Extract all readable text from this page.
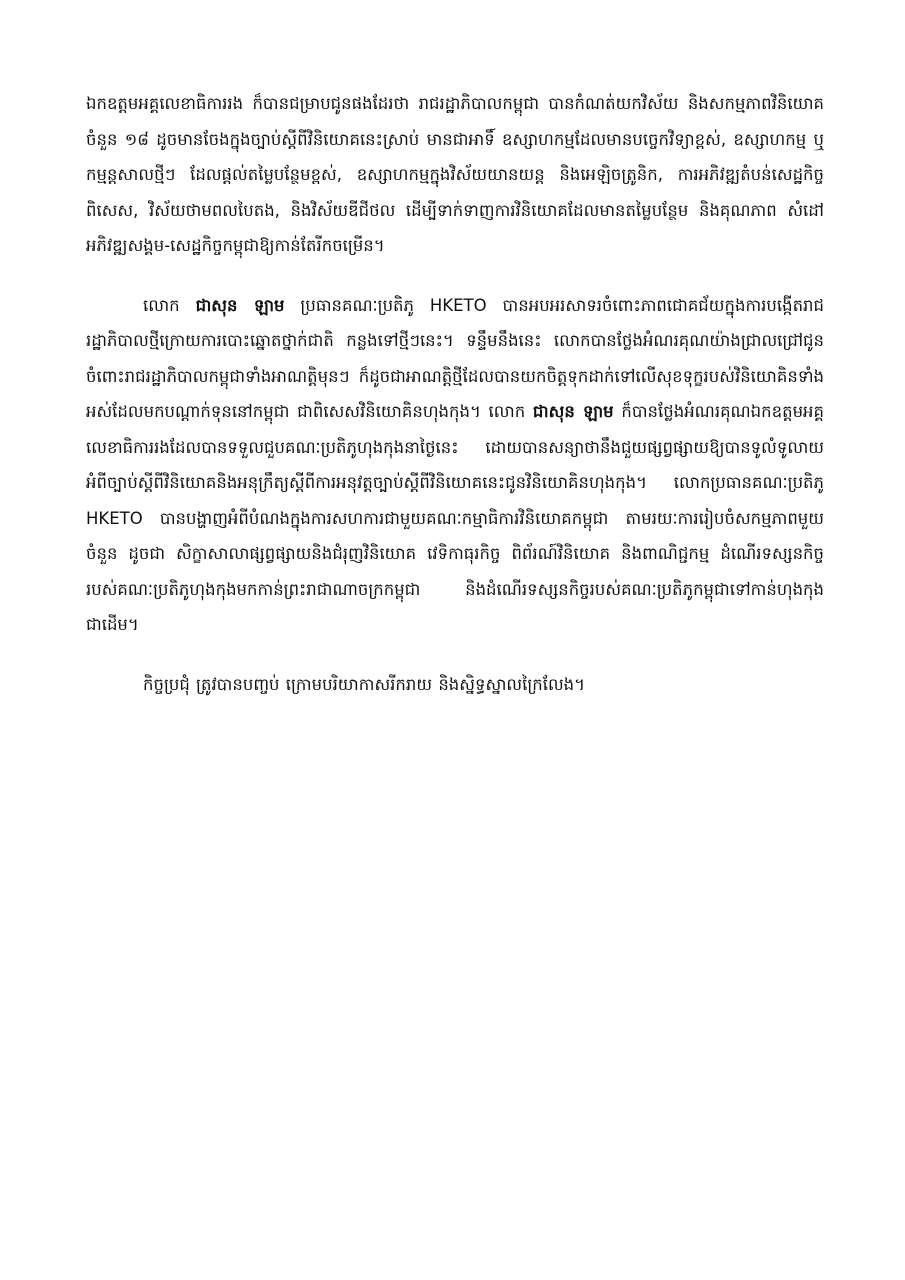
ឯកឧត្តមអគ្គលេខាធិការរង ក៏បានជម្រាបជូនផងដែរថា រាជរដ្ឋាភិបាលកម្ពុជា បានកំណត់យកវិស័យ និងសកម្មភាពវិនិយោគចំនួន ១៨ ដូចមានចែងក្នុងច្បាប់ស្តីពីវិនិយោគនេះស្រាប់ មានជាអាទិ៍ ឧស្សាហកម្មដែលមានបច្ចេកវិទ្យាខ្ពស់, ឧស្សាហកម្ម ឬកម្មន្តសាលថ្មីៗ ដែលផ្តល់តម្លៃបន្ថែមខ្ពស់, ឧស្សាហកម្មក្នុងវិស័យយានយន្ត និងអេឡិចត្រូនិក, ការអភិវឌ្ឍតំបន់សេដ្ឋកិច្ចពិសេស, វិស័យថាមពលបៃតង, និងវិស័យឌីជីថល ដើម្បីទាក់ទាញការវិនិយោគដែលមានតម្លៃបន្ថែម និងគុណភាព សំដៅអភិវឌ្ឍសង្គម-សេដ្ឋកិច្ចកម្ពុជាឱ្យកាន់តែរីកចម្រើន។

លោក ជាសុន ឡាម ប្រធានគណៈប្រតិភូ HKETO បានអបអរសាទរចំពោះភាពជោគជ័យក្នុងការបង្កើតរាជរដ្ឋាភិបាលថ្មីក្រោយការបោះឆ្នោតថ្នាក់ជាតិ កន្លងទៅថ្មីៗនេះ។ ទន្ទឹមនឹងនេះ លោកបានថ្លែងអំណរគុណយ៉ាងជ្រាលជ្រៅជូនចំពោះរាជរដ្ឋាភិបាលកម្ពុជាទាំងអាណត្តិមុនៗ ក៏ដូចជាអាណត្តិថ្មីដែលបានយកចិត្តទុកដាក់ទៅលើសុខទុក្ខរបស់វិនិយោគិនទាំងអស់ដែលមកបណ្តាក់ទុននៅកម្ពុជា ជាពិសេសវិនិយោគិនហុងកុង។ លោក ជាសុន ឡាម ក៏បានថ្លែងអំណរគុណឯកឧត្តមអគ្គលេខាធិការរងដែលបានទទួលជួបគណៈប្រតិភូហុងកុងនាថ្ងៃនេះ ដោយបានសន្យាថានឹងជួយផ្សព្វផ្សាយឱ្យបានទូលំទូលាយអំពីច្បាប់ស្តីពីវិនិយោគនិងអនុក្រឹត្យស្តីពីការអនុវត្តច្បាប់ស្តីពីវិនិយោគនេះជូនវិនិយោគិនហុងកុង។ លោកប្រធានគណៈប្រតិភូ HKETO បានបង្ហាញអំពីបំណងក្នុងការសហការជាមួយគណៈកម្មាធិការវិនិយោគកម្ពុជា តាមរយៈការរៀបចំសកម្មភាពមួយចំនួន ដូចជា សិក្ខាសាលាផ្សព្វផ្សាយនិងជំរុញវិនិយោគ វេទិកាធុរកិច្ច ពិព័រណ៍វិនិយោគ និងពាណិជ្ជកម្ម ដំណើរទស្សនកិច្ចរបស់គណៈប្រតិភូហុងកុងមកកាន់ព្រះរាជាណាចក្រកម្ពុជា និងដំណើរទស្សនកិច្ចរបស់គណៈប្រតិភូកម្ពុជាទៅកាន់ហុងកុង ជាដើម។

កិច្ចប្រជុំ ត្រូវបានបញ្ចប់ ក្រោមបរិយាកាសរីករាយ និងស្និទ្ធស្នាលក្រៃលែង។
